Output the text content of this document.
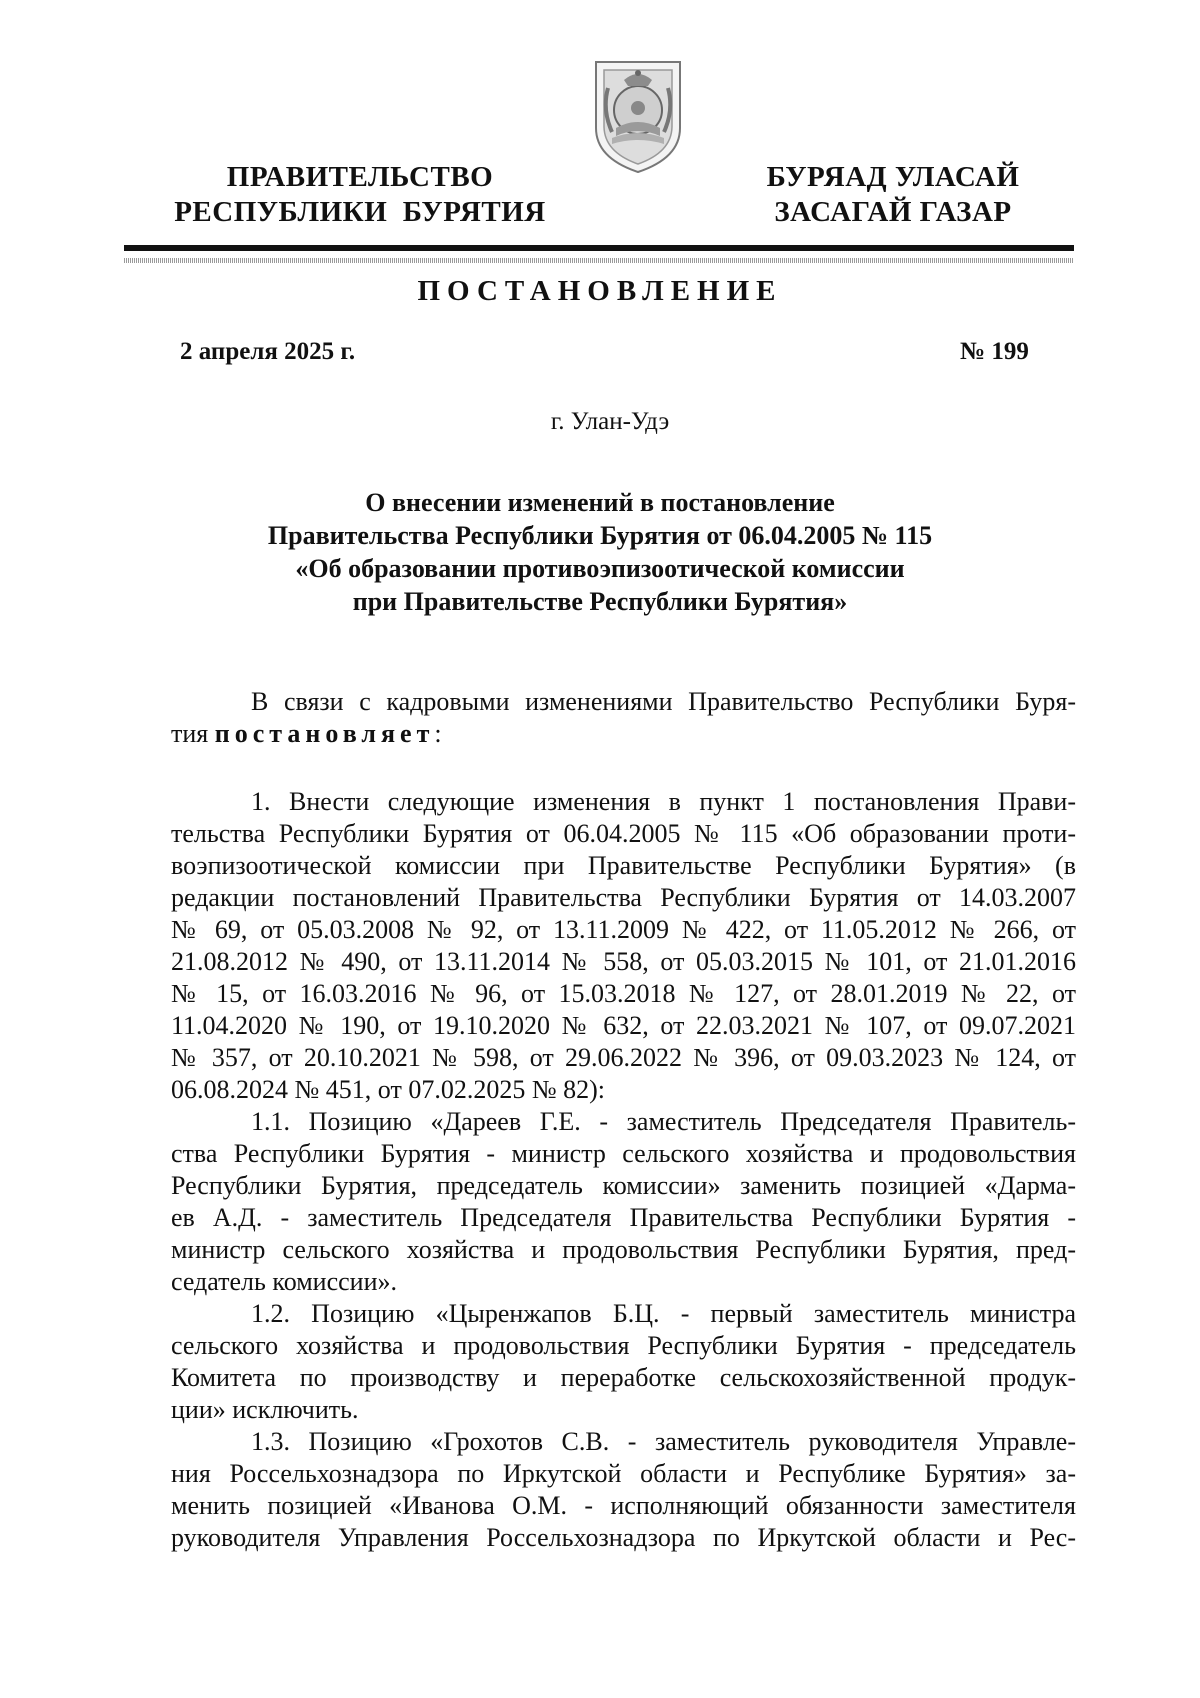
ПРАВИТЕЛЬСТВО
РЕСПУБЛИКИ  БУРЯТИЯ
БУРЯАД УЛАСАЙ
ЗАСАГАЙ ГАЗАР
ПОСТАНОВЛЕНИЕ
2 апреля 2025 г.	№ 199
г. Улан-Удэ
О внесении изменений в постановление
Правительства Республики Бурятия от 06.04.2005 № 115
«Об образовании противоэпизоотической комиссии
при Правительстве Республики Бурятия»
В связи с кадровыми изменениями Правительство Республики Буря-
тия постановляет:
1. Внести следующие изменения в пункт 1 постановления Прави-
тельства Республики Бурятия от 06.04.2005 № 115 «Об образовании проти-
воэпизоотической комиссии при Правительстве Республики Бурятия» (в
редакции постановлений Правительства Республики Бурятия от 14.03.2007
№ 69, от 05.03.2008 № 92, от 13.11.2009 № 422, от 11.05.2012 № 266, от
21.08.2012 № 490, от 13.11.2014 № 558, от 05.03.2015 № 101, от 21.01.2016
№ 15, от 16.03.2016 № 96, от 15.03.2018 № 127, от 28.01.2019 № 22, от
11.04.2020 № 190, от 19.10.2020 № 632, от 22.03.2021 № 107, от 09.07.2021
№ 357, от 20.10.2021 № 598, от 29.06.2022 № 396, от 09.03.2023 № 124, от
06.08.2024 № 451, от 07.02.2025 № 82):
1.1. Позицию «Дареев Г.Е. - заместитель Председателя Правитель-
ства Республики Бурятия - министр сельского хозяйства и продовольствия
Республики Бурятия, председатель комиссии» заменить позицией «Дарма-
ев А.Д. - заместитель Председателя Правительства Республики Бурятия -
министр сельского хозяйства и продовольствия Республики Бурятия, пред-
седатель комиссии».
1.2. Позицию «Цыренжапов Б.Ц. - первый заместитель министра
сельского хозяйства и продовольствия Республики Бурятия - председатель
Комитета по производству и переработке сельскохозяйственной продук-
ции» исключить.
1.3. Позицию «Грохотов С.В. - заместитель руководителя Управле-
ния Россельхознадзора по Иркутской области и Республике Бурятия» за-
менить позицией «Иванова О.М. - исполняющий обязанности заместителя
руководителя Управления Россельхознадзора по Иркутской области и Рес-
